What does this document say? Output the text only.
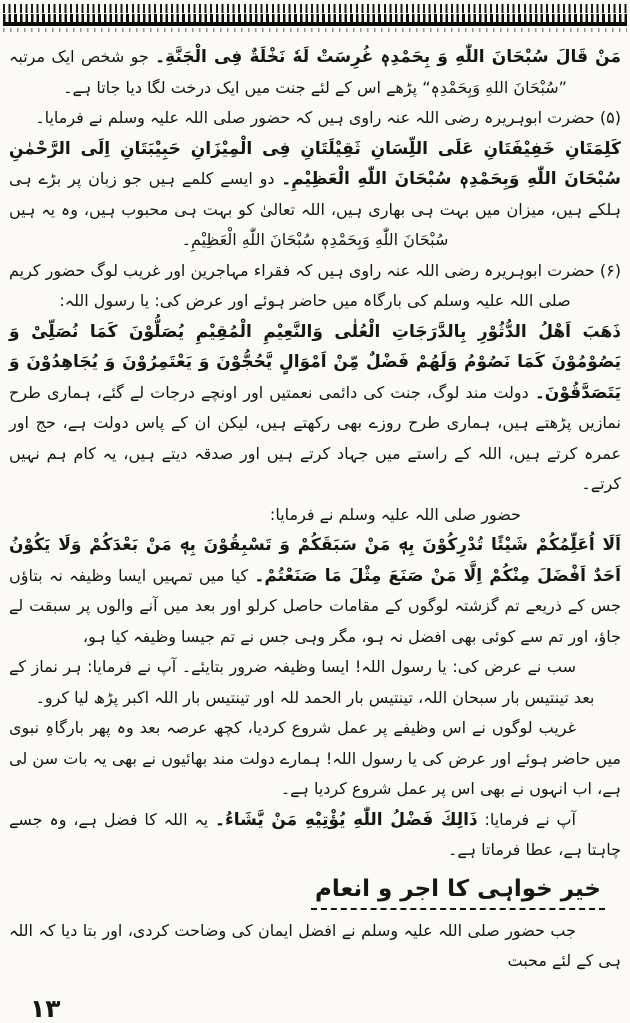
مَنْ قَالَ سُبْحَانَ اللّٰهِ وَ بِحَمْدِهٖ غُرِسَتْ لَهٗ نَخْلَةٌ فِی الْجَنَّةِ۔ جو شخص ایک مرتبہ ”سُبْحَانَ اللهِ وَبِحَمْدِهٖ“ پڑھے اس کے لئے جنت میں ایک درخت لگا دیا جاتا ہے۔

(۵) حضرت ابوہریرہ رضی اللہ عنہ راوی ہیں کہ حضور صلی اللہ علیہ وسلم نے فرمایا۔

كَلِمَتَانِ خَفِيْفَتَانِ عَلَى اللِّسَانِ ثَقِيْلَتَانِ فِی الْمِيْزَانِ حَبِيْبَتَانِ اِلَى الرَّحْمٰنِ سُبْحَانَ اللّٰهِ وَبِحَمْدِهٖ سُبْحَانَ اللّٰهِ الْعَظِيْمِ۔ دو ایسے کلمے ہیں جو زبان پر بڑے ہی ہلکے ہیں، میزان میں بہت ہی بھاری ہیں، اللہ تعالیٰ کو بہت ہی محبوب ہیں، وہ یہ ہیں سُبْحَانَ اللّٰهِ وَبِحَمْدِهٖ سُبْحَانَ اللّٰهِ الْعَظِيْمِ۔

(۶) حضرت ابوہریرہ رضی اللہ عنہ راوی ہیں کہ فقراء مہاجرین اور غریب لوگ حضور کریم صلی اللہ علیہ وسلم کی بارگاہ میں حاضر ہوئے اور عرض کی: یا رسول اللہ:

ذَهَبَ اَهْلُ الدُّثُوْرِ بِالدَّرَجَاتِ الْعُلٰی وَالنَّعِيْمِ الْمُقِيْمِ يُصَلُّوْنَ كَمَا نُصَلِّیْ وَ يَصُوْمُوْنَ كَمَا نَصُوْمُ وَلَهُمْ فَضْلٌ مِّنْ اَمْوَالٍ يَّحُجُّوْنَ وَ يَعْتَمِرُوْنَ وَ يُجَاهِدُوْنَ وَ يَتَصَدَّقُوْنَ۔ دولت مند لوگ، جنت کی دائمی نعمتیں اور اونچے درجات لے گئے، ہماری طرح نمازیں پڑھتے ہیں، ہماری طرح روزے بھی رکھتے ہیں، لیکن ان کے پاس دولت ہے، حج اور عمرہ کرتے ہیں، اللہ کے راستے میں جہاد کرتے ہیں اور صدقہ دیتے ہیں، یہ کام ہم نہیں کرتے۔

حضور صلی اللہ علیہ وسلم نے فرمایا:

اَلَا اُعَلِّمُكُمْ شَيْئًا تُدْرِكُوْنَ بِهٖ مَنْ سَبَقَكُمْ وَ تَسْبِقُوْنَ بِهٖ مَنْ بَعْدَكُمْ وَلَا يَكُوْنُ اَحَدٌ اَفْضَلَ مِنْكُمْ اِلَّا مَنْ صَنَعَ مِثْلَ مَا صَنَعْتُمْ۔ کیا میں تمہیں ایسا وظیفہ نہ بتاؤں جس کے ذریعے تم گزشتہ لوگوں کے مقامات حاصل کرلو اور بعد میں آنے والوں پر سبقت لے جاؤ، اور تم سے کوئی بھی افضل نہ ہو، مگر وہی جس نے تم جیسا وظیفہ کیا ہو،

سب نے عرض کی: یا رسول اللہ! ایسا وظیفہ ضرور بتایئے۔ آپ نے فرمایا: ہر نماز کے بعد تینتیس بار سبحان اللہ، تینتیس بار الحمد للہ اور تینتیس بار اللہ اکبر پڑھ لیا کرو۔

غریب لوگوں نے اس وظیفے پر عمل شروع کردیا، کچھ عرصہ بعد وہ پھر بارگاہِ نبوی میں حاضر ہوئے اور عرض کی یا رسول اللہ! ہمارے دولت مند بھائیوں نے بھی یہ بات سن لی ہے، اب انہوں نے بھی اس پر عمل شروع کردیا ہے۔

آپ نے فرمایا: ذَالِكَ فَضْلُ اللّٰهِ يُؤْتِيْهِ مَنْ يَّشَاءُ۔ یہ اللہ کا فضل ہے، وہ جسے چاہتا ہے، عطا فرماتا ہے۔

خیر خواہی کا اجر و انعام

جب حضور صلی اللہ علیہ وسلم نے افضل ایمان کی وضاحت کردی، اور بتا دیا کہ اللہ ہی کے لئے محبت

۱۳
